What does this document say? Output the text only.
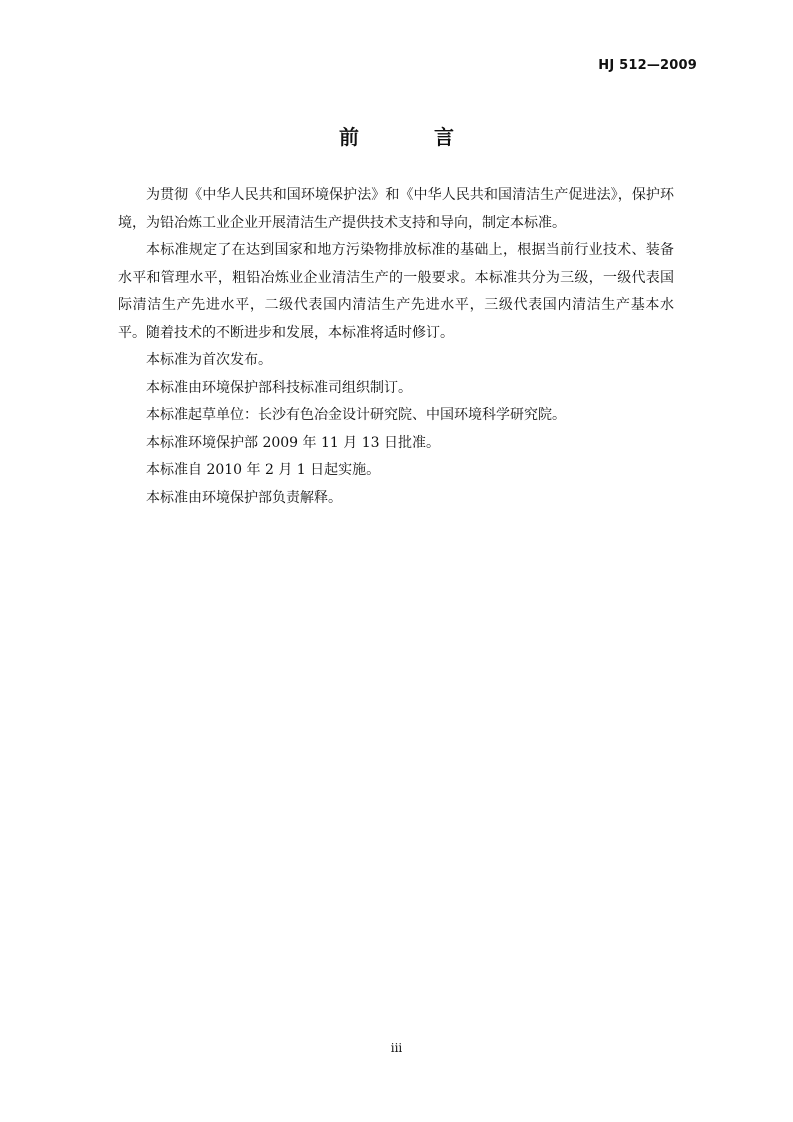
HJ 512—2009
前 言

为贯彻《中华人民共和国环境保护法》和《中华人民共和国清洁生产促进法》，保护环境，为铅冶炼工业企业开展清洁生产提供技术支持和导向，制定本标准。

本标准规定了在达到国家和地方污染物排放标准的基础上，根据当前行业技术、装备水平和管理水平，粗铅冶炼业企业清洁生产的一般要求。本标准共分为三级，一级代表国际清洁生产先进水平，二级代表国内清洁生产先进水平，三级代表国内清洁生产基本水平。随着技术的不断进步和发展，本标准将适时修订。

本标准为首次发布。

本标准由环境保护部科技标准司组织制订。

本标准起草单位：长沙有色冶金设计研究院、中国环境科学研究院。

本标准环境保护部 2009 年 11 月 13 日批准。

本标准自 2010 年 2 月 1 日起实施。

本标准由环境保护部负责解释。

iii
